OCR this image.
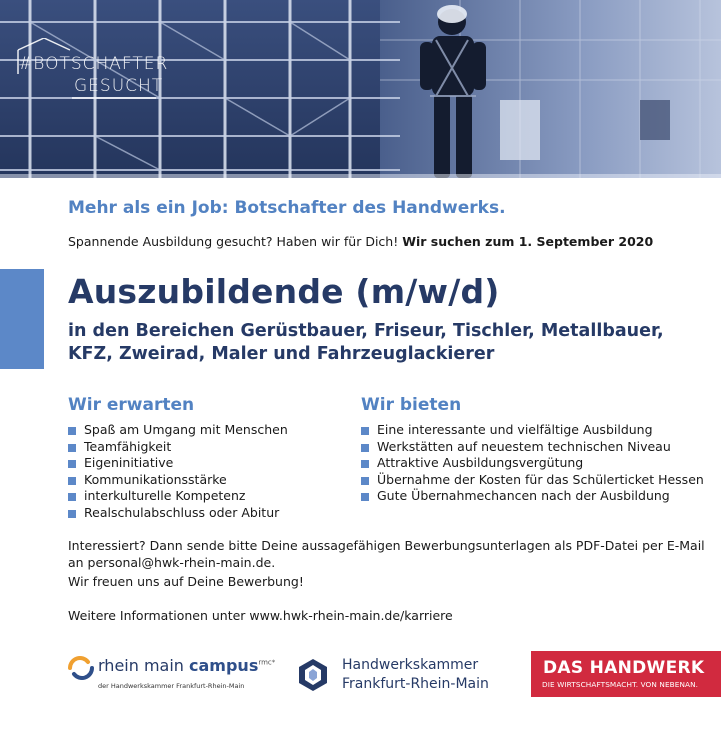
#BOTSCHAFTER
GESUCHT
Mehr als ein Job: Botschafter des Handwerks.
Spannende Ausbildung gesucht? Haben wir für Dich! Wir suchen zum 1. September 2020
Auszubildende (m/w/d)
in den Bereichen Gerüstbauer, Friseur, Tischler, Metallbauer, KFZ, Zweirad, Maler und Fahrzeuglackierer
Wir erwarten
Spaß am Umgang mit Menschen
Teamfähigkeit
Eigeninitiative
Kommunikationsstärke
interkulturelle Kompetenz
Realschulabschluss oder Abitur
Wir bieten
Eine interessante und vielfältige Ausbildung
Werkstätten auf neuestem technischen Niveau
Attraktive Ausbildungsvergütung
Übernahme der Kosten für das Schülerticket Hessen
Gute Übernahmechancen nach der Ausbildung

Interessiert? Dann sende bitte Deine aussagefähigen Bewerbungsunterlagen als PDF-Datei per E-Mail an personal@hwk-rhein-main.de.

Wir freuen uns auf Deine Bewerbung!

Weitere Informationen unter www.hwk-rhein-main.de/karriere

rhein main campus$^{rmc*}$
der Handwerkskammer Frankfurt-Rhein-Main
Handwerkskammer
Frankfurt-Rhein-Main
DAS HANDWERK
DIE WIRTSCHAFTSMACHT. VON NEBENAN.
